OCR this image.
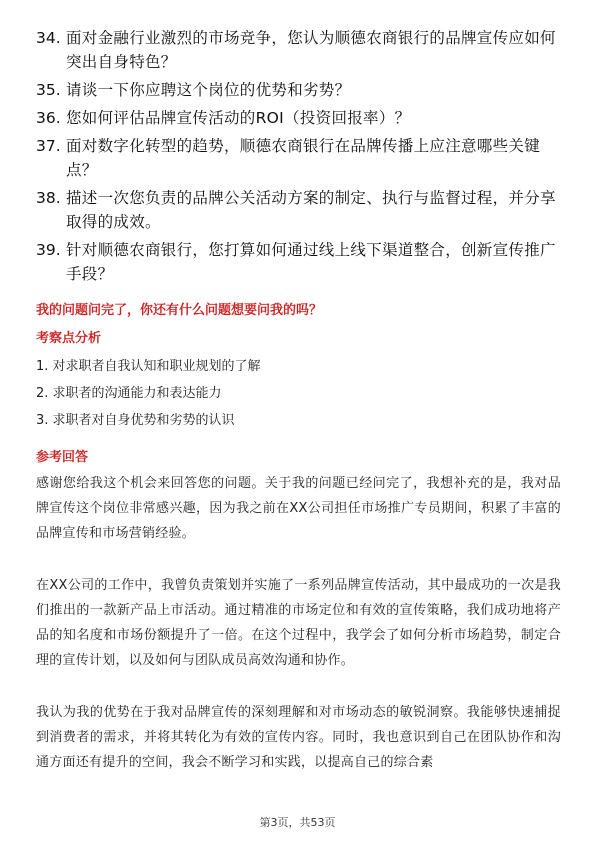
34. 面对金融行业激烈的市场竞争，您认为顺德农商银行的品牌宣传应如何突出自身特色？
35. 请谈一下你应聘这个岗位的优势和劣势？
36. 您如何评估品牌宣传活动的ROI（投资回报率）？
37. 面对数字化转型的趋势，顺德农商银行在品牌传播上应注意哪些关键点？
38. 描述一次您负责的品牌公关活动方案的制定、执行与监督过程，并分享取得的成效。
39. 针对顺德农商银行，您打算如何通过线上线下渠道整合，创新宣传推广手段？
我的问题问完了，你还有什么问题想要问我的吗？
考察点分析
1. 对求职者自我认知和职业规划的了解
2. 求职者的沟通能力和表达能力
3. 求职者对自身优势和劣势的认识
参考回答
感谢您给我这个机会来回答您的问题。关于我的问题已经问完了，我想补充的是，我对品牌宣传这个岗位非常感兴趣，因为我之前在XX公司担任市场推广专员期间，积累了丰富的品牌宣传和市场营销经验。
在XX公司的工作中，我曾负责策划并实施了一系列品牌宣传活动，其中最成功的一次是我们推出的一款新产品上市活动。通过精准的市场定位和有效的宣传策略，我们成功地将产品的知名度和市场份额提升了一倍。在这个过程中，我学会了如何分析市场趋势，制定合理的宣传计划，以及如何与团队成员高效沟通和协作。
我认为我的优势在于我对品牌宣传的深刻理解和对市场动态的敏锐洞察。我能够快速捕捉到消费者的需求，并将其转化为有效的宣传内容。同时，我也意识到自己在团队协作和沟通方面还有提升的空间，我会不断学习和实践，以提高自己的综合素
第3页，共53页
